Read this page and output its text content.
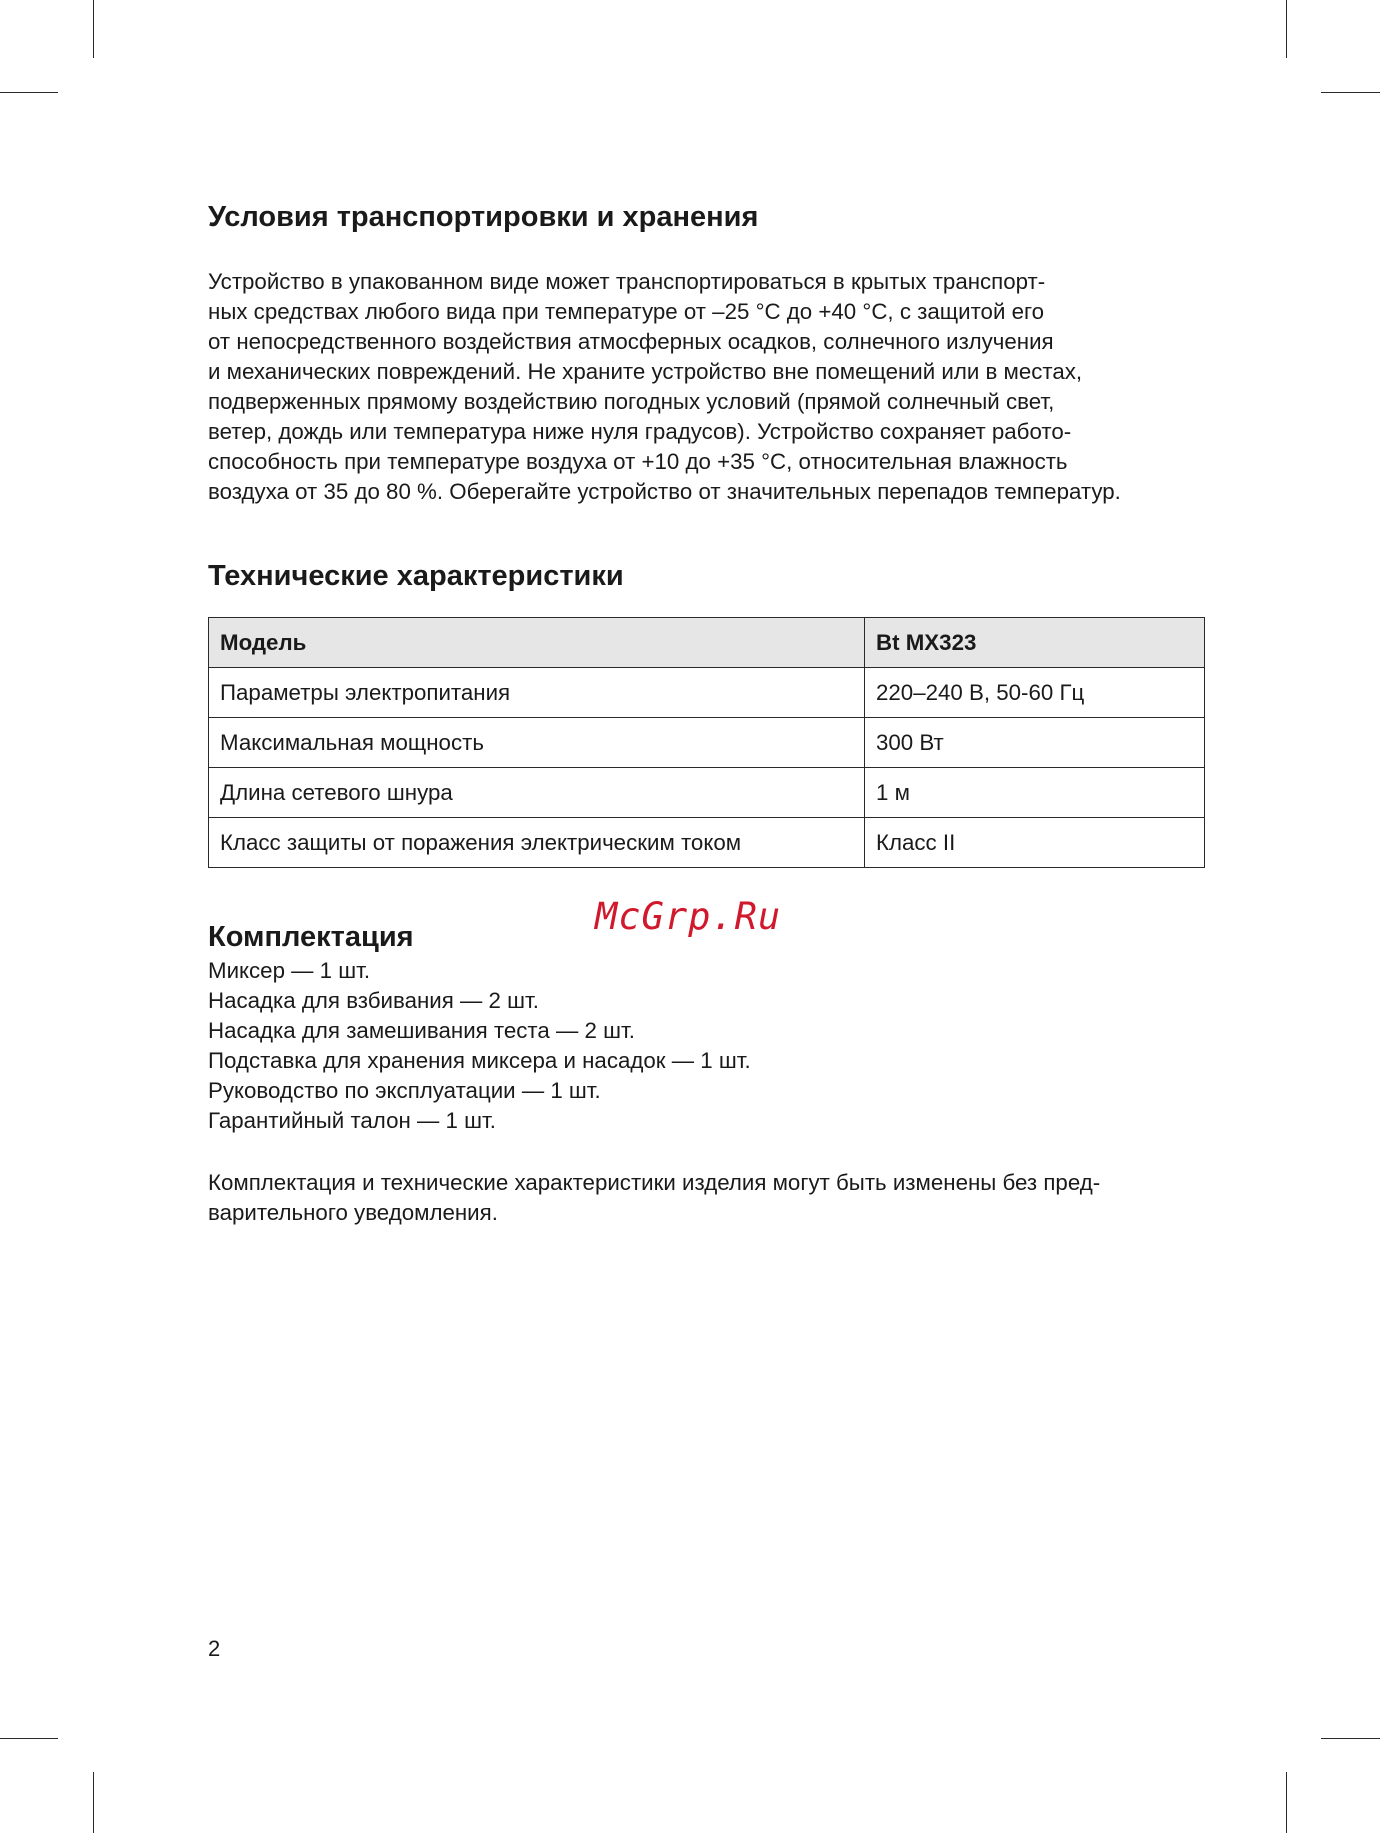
Условия транспортировки и хранения
Устройство в упакованном виде может транспортироваться в крытых транспорт-
ных средствах любого вида при температуре от –25 °С до +40 °С, с защитой его
от непосредственного воздействия атмосферных осадков, солнечного излучения
и механических повреждений. Не храните устройство вне помещений или в местах,
подверженных прямому воздействию погодных условий (прямой солнечный свет,
ветер, дождь или температура ниже нуля градусов). Устройство сохраняет работо-
способность при температуре воздуха от +10 до +35 °С, относительная влажность
воздуха от 35 до 80 %. Оберегайте устройство от значительных перепадов температур.
Технические характеристики
Модель	Bt MX323
Параметры электропитания	220–240 В, 50-60 Гц
Максимальная мощность	300 Вт
Длина сетевого шнура	1 м
Класс защиты от поражения электрическим током	Класс II
Комплектация
Миксер — 1 шт.
Насадка для взбивания — 2 шт.
Насадка для замешивания теста — 2 шт.
Подставка для хранения миксера и насадок — 1 шт.
Руководство по эксплуатации — 1 шт.
Гарантийный талон — 1 шт.
Комплектация и технические характеристики изделия могут быть изменены без пред-
варительного уведомления.
McGrp.Ru
2
